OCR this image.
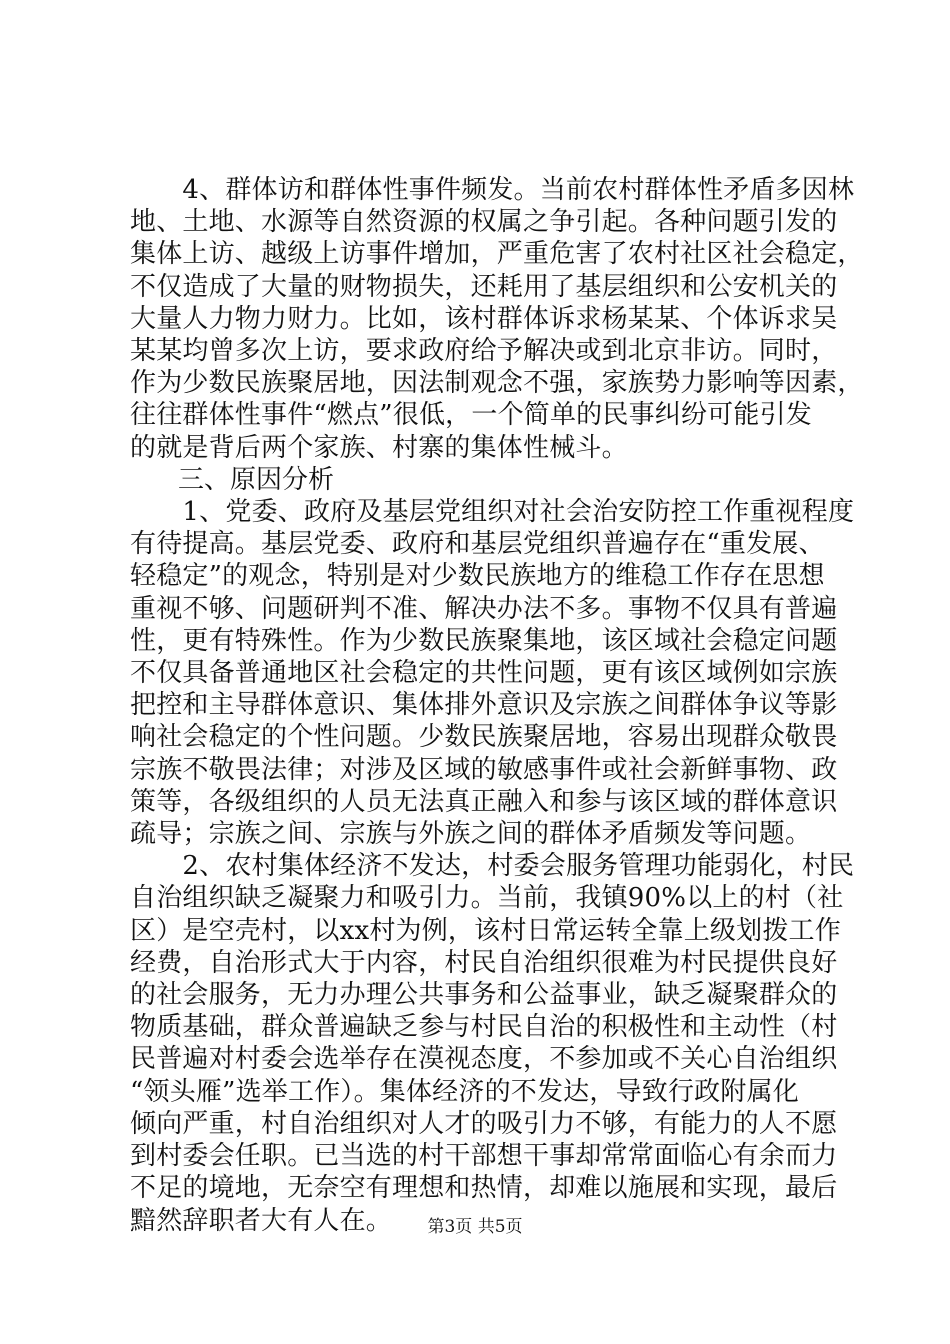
　　4、群体访和群体性事件频发。当前农村群体性矛盾多因林
地、土地、水源等自然资源的权属之争引起。各种问题引发的
集体上访、越级上访事件增加，严重危害了农村社区社会稳定，
不仅造成了大量的财物损失，还耗用了基层组织和公安机关的
大量人力物力财力。比如，该村群体诉求杨某某、个体诉求吴
某某均曾多次上访，要求政府给予解决或到北京非访。同时，
作为少数民族聚居地，因法制观念不强，家族势力影响等因素，
往往群体性事件“燃点”很低，一个简单的民事纠纷可能引发
的就是背后两个家族、村寨的集体性械斗。
三、原因分析
　　1、党委、政府及基层党组织对社会治安防控工作重视程度
有待提高。基层党委、政府和基层党组织普遍存在“重发展、
轻稳定”的观念，特别是对少数民族地方的维稳工作存在思想
重视不够、问题研判不准、解决办法不多。事物不仅具有普遍
性，更有特殊性。作为少数民族聚集地，该区域社会稳定问题
不仅具备普通地区社会稳定的共性问题，更有该区域例如宗族
把控和主导群体意识、集体排外意识及宗族之间群体争议等影
响社会稳定的个性问题。少数民族聚居地，容易出现群众敬畏
宗族不敬畏法律；对涉及区域的敏感事件或社会新鲜事物、政
策等，各级组织的人员无法真正融入和参与该区域的群体意识
疏导；宗族之间、宗族与外族之间的群体矛盾频发等问题。
　　2、农村集体经济不发达，村委会服务管理功能弱化，村民
自治组织缺乏凝聚力和吸引力。当前，我镇90%以上的村（社
区）是空壳村，以xx村为例，该村日常运转全靠上级划拨工作
经费，自治形式大于内容，村民自治组织很难为村民提供良好
的社会服务，无力办理公共事务和公益事业，缺乏凝聚群众的
物质基础，群众普遍缺乏参与村民自治的积极性和主动性（村
民普遍对村委会选举存在漠视态度，不参加或不关心自治组织
“领头雁”选举工作）。集体经济的不发达，导致行政附属化
倾向严重，村自治组织对人才的吸引力不够，有能力的人不愿
到村委会任职。已当选的村干部想干事却常常面临心有余而力
不足的境地，无奈空有理想和热情，却难以施展和实现，最后
黯然辞职者大有人在。	第3页 共5页
